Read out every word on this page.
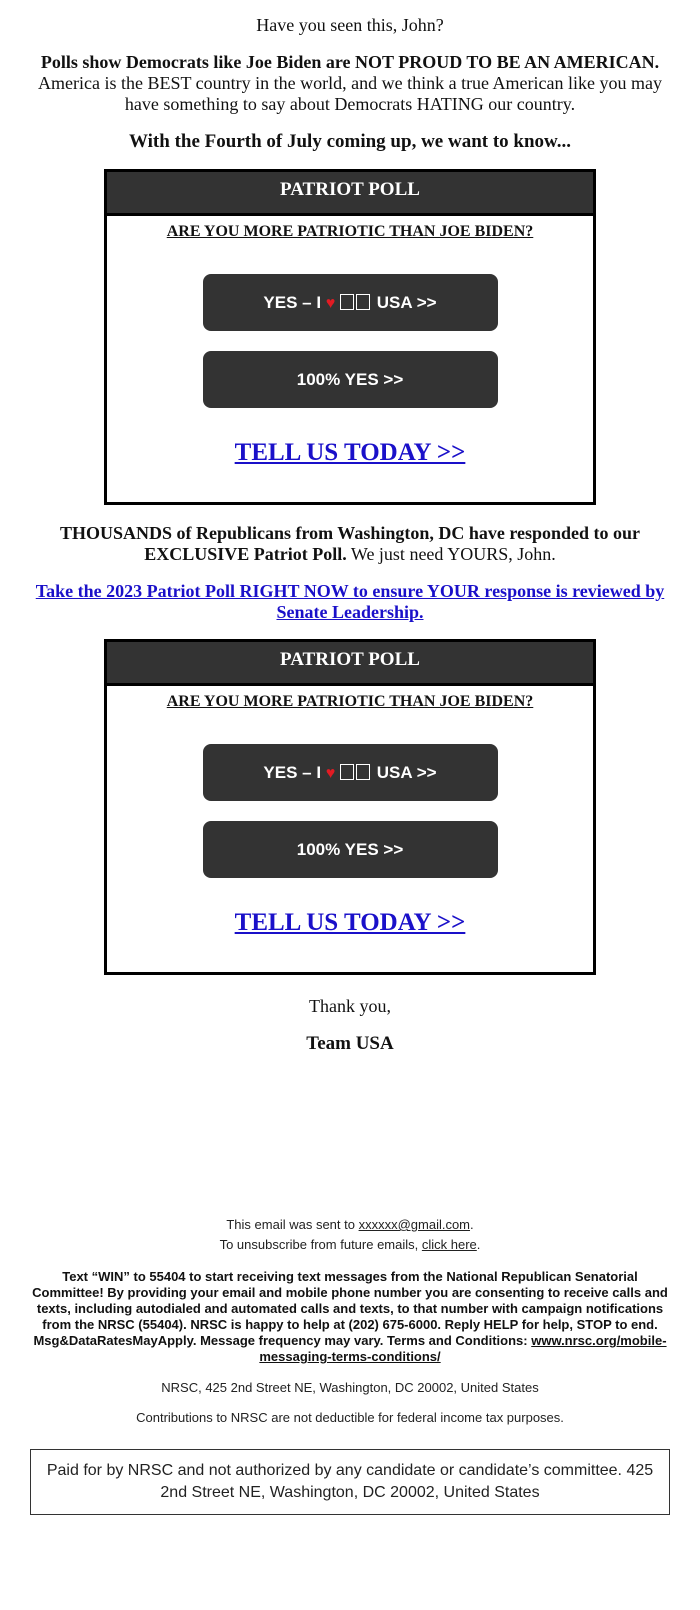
Have you seen this, John?
Polls show Democrats like Joe Biden are NOT PROUD TO BE AN AMERICAN. America is the BEST country in the world, and we think a true American like you may have something to say about Democrats HATING our country.
With the Fourth of July coming up, we want to know...
PATRIOT POLL
ARE YOU MORE PATRIOTIC THAN JOE BIDEN?
YES – I ♥ USA >>
100% YES >>
TELL US TODAY >>
THOUSANDS of Republicans from Washington, DC have responded to our EXCLUSIVE Patriot Poll. We just need YOURS, John.
Take the 2023 Patriot Poll RIGHT NOW to ensure YOUR response is reviewed by Senate Leadership.
PATRIOT POLL
ARE YOU MORE PATRIOTIC THAN JOE BIDEN?
YES – I ♥ USA >>
100% YES >>
TELL US TODAY >>
Thank you,
Team USA
This email was sent to xxxxxx@gmail.com.
To unsubscribe from future emails, click here.
Text “WIN” to 55404 to start receiving text messages from the National Republican Senatorial Committee! By providing your email and mobile phone number you are consenting to receive calls and texts, including autodialed and automated calls and texts, to that number with campaign notifications from the NRSC (55404). NRSC is happy to help at (202) 675-6000. Reply HELP for help, STOP to end. Msg&DataRatesMayApply. Message frequency may vary. Terms and Conditions: www.nrsc.org/mobile-messaging-terms-conditions/
NRSC, 425 2nd Street NE, Washington, DC 20002, United States
Contributions to NRSC are not deductible for federal income tax purposes.
Paid for by NRSC and not authorized by any candidate or candidate’s committee. 425 2nd Street NE, Washington, DC 20002, United States
